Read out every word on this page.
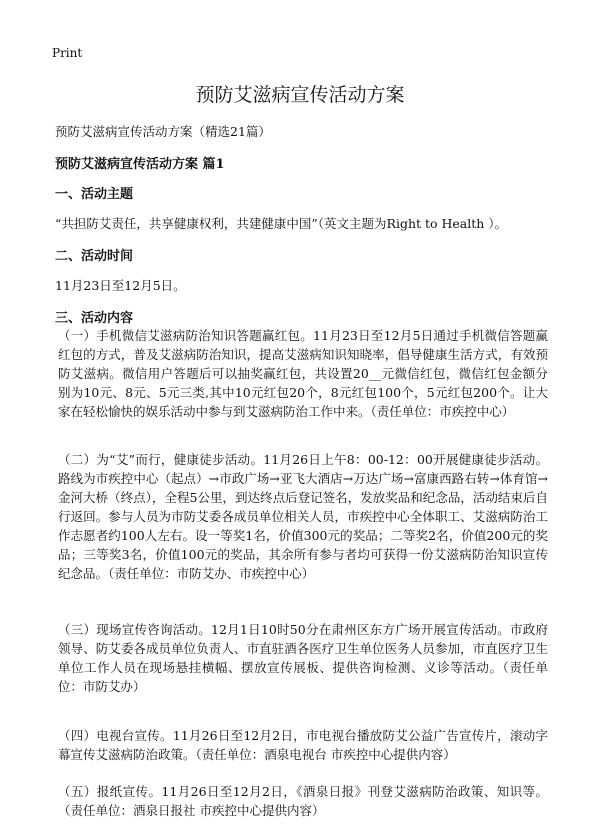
Print
预防艾滋病宣传活动方案
预防艾滋病宣传活动方案（精选21篇）
预防艾滋病宣传活动方案 篇1
一、活动主题
“共担防艾责任，共享健康权利，共建健康中国”（英文主题为Right to Health ）。
二、活动时间
11月23日至12月5日。
三、活动内容

（一）手机微信艾滋病防治知识答题赢红包。11月23日至12月5日通过手机微信答题赢红包的方式，普及艾滋病防治知识，提高艾滋病知识知晓率，倡导健康生活方式，有效预防艾滋病。微信用户答题后可以抽奖赢红包，共设置20__元微信红包，微信红包金额分别为10元、8元、5元三类,其中10元红包20个，8元红包100个，5元红包200个。让大家在轻松愉快的娱乐活动中参与到艾滋病防治工作中来。（责任单位：市疾控中心）

（二）为“艾”而行，健康徒步活动。11月26日上午8：00-12：00开展健康徒步活动。路线为市疾控中心（起点）→市政广场→亚飞大酒店→万达广场→富康西路右转→体育馆→金河大桥（终点），全程5公里，到达终点后登记签名，发放奖品和纪念品，活动结束后自行返回。参与人员为市防艾委各成员单位相关人员，市疾控中心全体职工、艾滋病防治工作志愿者约100人左右。设一等奖1名，价值300元的奖品；二等奖2名，价值200元的奖品；三等奖3名，价值100元的奖品，其余所有参与者均可获得一份艾滋病防治知识宣传纪念品。（责任单位：市防艾办、市疾控中心）

（三）现场宣传咨询活动。12月1日10时50分在肃州区东方广场开展宣传活动。市政府领导、防艾委各成员单位负责人、市直驻酒各医疗卫生单位医务人员参加，市直医疗卫生单位工作人员在现场悬挂横幅、摆放宣传展板、提供咨询检测、义诊等活动。（责任单位：市防艾办）

（四）电视台宣传。11月26日至12月2日，市电视台播放防艾公益广告宣传片，滚动字幕宣传艾滋病防治政策。（责任单位：酒泉电视台 市疾控中心提供内容）

（五）报纸宣传。11月26日至12月2日，《酒泉日报》刊登艾滋病防治政策、知识等。（责任单位：酒泉日报社 市疾控中心提供内容）
